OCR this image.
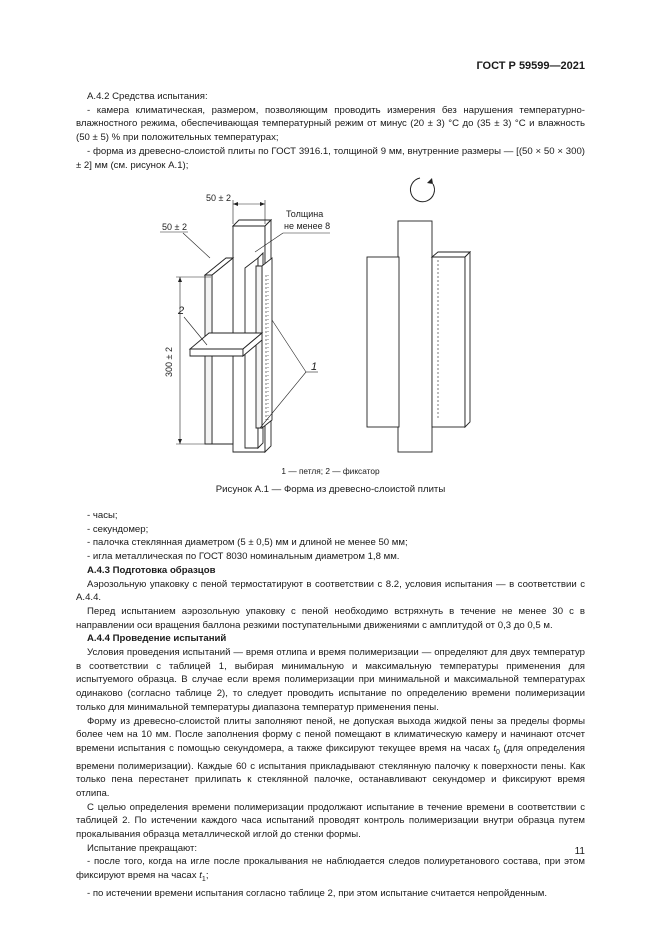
ГОСТ Р 59599—2021

А.4.2 Средства испытания:

- камера климатическая, размером, позволяющим проводить измерения без нарушения температурно-влажностного режима, обеспечивающая температурный режим от минус (20 ± 3) °С до (35 ± 3) °С и влажность (50 ± 5) % при положительных температурах;

- форма из древесно-слоистой плиты по ГОСТ 3916.1, толщиной 9 мм, внутренние размеры — [(50 × 50 × 300) ± 2] мм (см. рисунок А.1);

50 ± 2
50 ± 2
300 ± 2
Толщина
не менее 8
2
1
1 — петля; 2 — фиксатор
Рисунок А.1 — Форма из древесно-слоистой плиты

- часы;

- секундомер;

- палочка стеклянная диаметром (5 ± 0,5) мм и длиной не менее 50 мм;

- игла металлическая по ГОСТ 8030 номинальным диаметром 1,8 мм.

А.4.3 Подготовка образцов

Аэрозольную упаковку с пеной термостатируют в соответствии с 8.2, условия испытания — в соответствии с А.4.4.

Перед испытанием аэрозольную упаковку с пеной необходимо встряхнуть в течение не менее 30 с в направлении оси вращения баллона резкими поступательными движениями с амплитудой от 0,3 до 0,5 м.

А.4.4 Проведение испытаний

Условия проведения испытаний — время отлипа и время полимеризации — определяют для двух температур в соответствии с таблицей 1, выбирая минимальную и максимальную температуры применения для испытуемого образца. В случае если время полимеризации при минимальной и максимальной температурах одинаково (согласно таблице 2), то следует проводить испытание по определению времени полимеризации только для минимальной температуры диапазона температур применения пены.

Форму из древесно-слоистой плиты заполняют пеной, не допуская выхода жидкой пены за пределы формы более чем на 10 мм. После заполнения форму с пеной помещают в климатическую камеру и начинают отсчет времени испытания с помощью секундомера, а также фиксируют текущее время на часах $t_0$ (для определения времени полимеризации). Каждые 60 с испытания прикладывают стеклянную палочку к поверхности пены. Как только пена перестанет прилипать к стеклянной палочке, останавливают секундомер и фиксируют время отлипа.

С целью определения времени полимеризации продолжают испытание в течение времени в соответствии с таблицей 2. По истечении каждого часа испытаний проводят контроль полимеризации внутри образца путем прокалывания образца металлической иглой до стенки формы.

Испытание прекращают:

- после того, когда на игле после прокалывания не наблюдается следов полиуретанового состава, при этом фиксируют время на часах $t_1$;

- по истечении времени испытания согласно таблице 2, при этом испытание считается непройденным.

11
